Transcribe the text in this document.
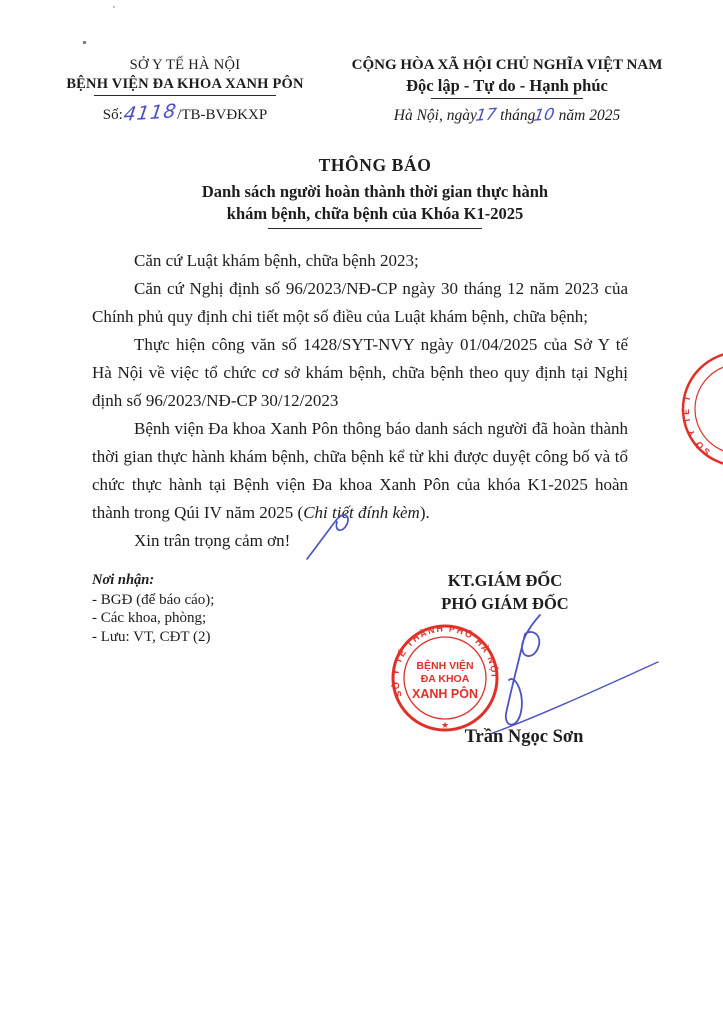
SỞ Y TẾ HÀ NỘI
BỆNH VIỆN ĐA KHOA XANH PÔN
Số:4118/TB-BVĐKXP
CỘNG HÒA XÃ HỘI CHỦ NGHĨA VIỆT NAM
Độc lập - Tự do - Hạnh phúc
Hà Nội, ngày17 tháng10 năm 2025
THÔNG BÁO
Danh sách người hoàn thành thời gian thực hành
khám bệnh, chữa bệnh của Khóa K1-2025

Căn cứ Luật khám bệnh, chữa bệnh 2023;

Căn cứ Nghị định số 96/2023/NĐ-CP ngày 30 tháng 12 năm 2023 của Chính phủ quy định chi tiết một số điều của Luật khám bệnh, chữa bệnh;

Thực hiện công văn số 1428/SYT-NVY ngày 01/04/2025 của Sở Y tế Hà Nội về việc tổ chức cơ sở khám bệnh, chữa bệnh theo quy định tại Nghị định số 96/2023/NĐ-CP 30/12/2023

Bệnh viện Đa khoa Xanh Pôn thông báo danh sách người đã hoàn thành thời gian thực hành khám bệnh, chữa bệnh kể từ khi được duyệt công bố và tổ chức thực hành tại Bệnh viện Đa khoa Xanh Pôn của khóa K1-2025 hoàn thành trong Qúi IV năm 2025 (Chi tiết đính kèm).

Xin trân trọng cảm ơn!

Nơi nhận:
- BGĐ (để báo cáo);
- Các khoa, phòng;
- Lưu: VT, CĐT (2)
KT.GIÁM ĐỐC
PHÓ GIÁM ĐỐC
SỞ Y TẾ THÀNH PHỐ HÀ NỘI
BỆNH VIỆN
ĐA KHOA
XANH PÔN
★
Trần Ngọc Sơn
SỞ Y TẾ T
